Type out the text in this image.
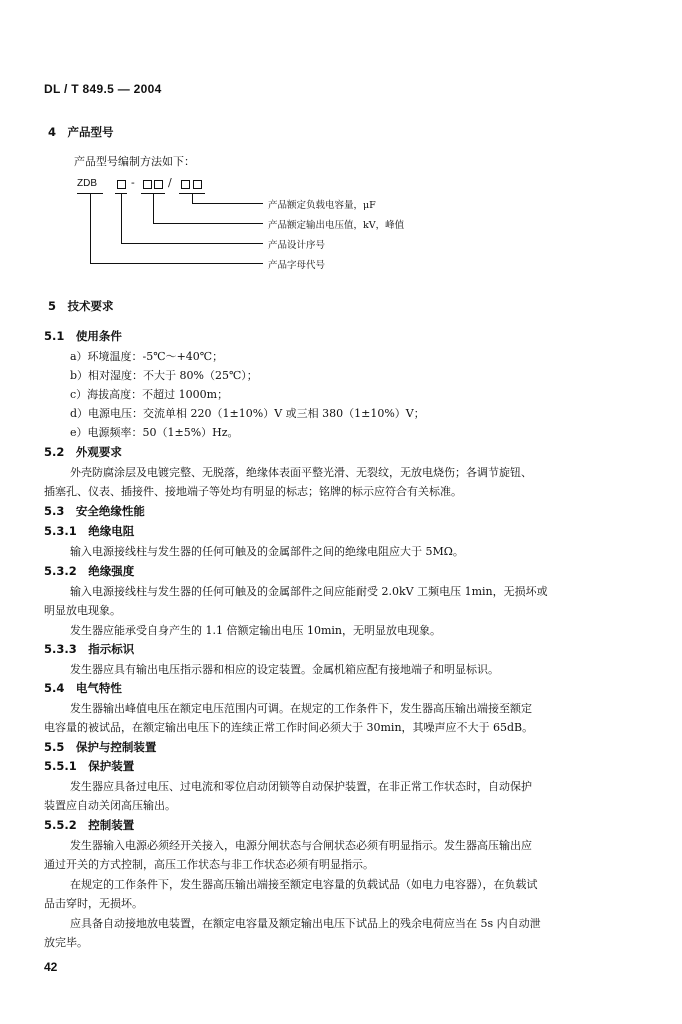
DL / T 849.5 — 2004
4　产品型号
产品型号编制方法如下：
ZDB	-	/
产品额定负载电容量，μF
产品额定输出电压值，kV，峰值
产品设计序号
产品字母代号
5　技术要求
5.1　使用条件
a）环境温度：-5℃～+40℃；
b）相对湿度：不大于 80%（25℃）；
c）海拔高度：不超过 1000m；
d）电源电压：交流单相 220（1±10%）V 或三相 380（1±10%）V；
e）电源频率：50（1±5%）Hz。
5.2　外观要求
外壳防腐涂层及电镀完整、无脱落，绝缘体表面平整光滑、无裂纹，无放电烧伤；各调节旋钮、
插塞孔、仪表、插接件、接地端子等处均有明显的标志；铭牌的标示应符合有关标准。
5.3　安全绝缘性能
5.3.1　绝缘电阻
输入电源接线柱与发生器的任何可触及的金属部件之间的绝缘电阻应大于 5MΩ。
5.3.2　绝缘强度
输入电源接线柱与发生器的任何可触及的金属部件之间应能耐受 2.0kV 工频电压 1min，无损坏或
明显放电现象。
发生器应能承受自身产生的 1.1 倍额定输出电压 10min，无明显放电现象。
5.3.3　指示标识
发生器应具有输出电压指示器和相应的设定装置。金属机箱应配有接地端子和明显标识。
5.4　电气特性
发生器输出峰值电压在额定电压范围内可调。在规定的工作条件下，发生器高压输出端接至额定
电容量的被试品，在额定输出电压下的连续正常工作时间必须大于 30min，其噪声应不大于 65dB。
5.5　保护与控制装置
5.5.1　保护装置
发生器应具备过电压、过电流和零位启动闭锁等自动保护装置，在非正常工作状态时，自动保护
装置应自动关闭高压输出。
5.5.2　控制装置
发生器输入电源必须经开关接入，电源分闸状态与合闸状态必须有明显指示。发生器高压输出应
通过开关的方式控制，高压工作状态与非工作状态必须有明显指示。
在规定的工作条件下，发生器高压输出端接至额定电容量的负载试品（如电力电容器），在负载试
品击穿时，无损坏。
应具备自动接地放电装置，在额定电容量及额定输出电压下试品上的残余电荷应当在 5s 内自动泄
放完毕。
42
